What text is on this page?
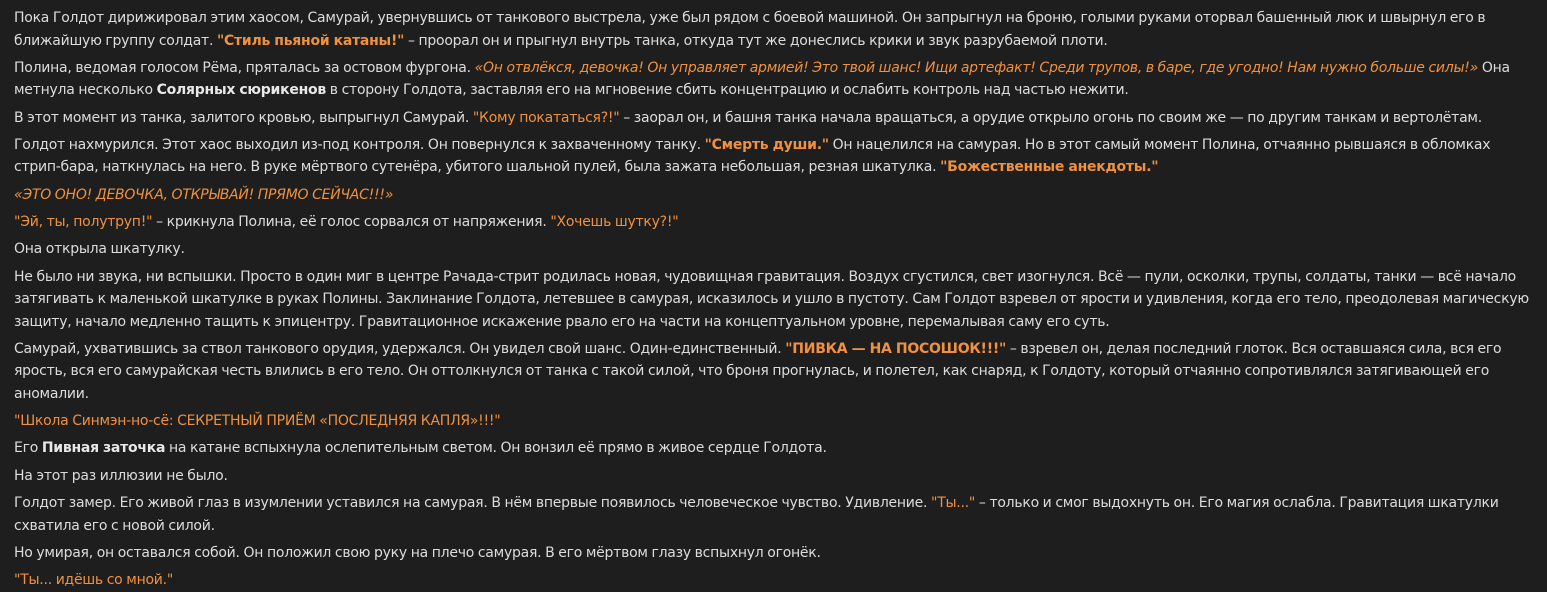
Пока Голдот дирижировал этим хаосом, Самурай, увернувшись от танкового выстрела, уже был рядом с боевой машиной. Он запрыгнул на броню, голыми руками оторвал башенный люк и швырнул его в ближайшую группу солдат. "Стиль пьяной катаны!" – проорал он и прыгнул внутрь танка, откуда тут же донеслись крики и звук разрубаемой плоти.

Полина, ведомая голосом Рёма, пряталась за остовом фургона. «Он отвлёкся, девочка! Он управляет армией! Это твой шанс! Ищи артефакт! Среди трупов, в баре, где угодно! Нам нужно больше силы!» Она метнула несколько Солярных сюрикенов в сторону Голдота, заставляя его на мгновение сбить концентрацию и ослабить контроль над частью нежити.

В этот момент из танка, залитого кровью, выпрыгнул Самурай. "Кому покататься?!" – заорал он, и башня танка начала вращаться, а орудие открыло огонь по своим же — по другим танкам и вертолётам.

Голдот нахмурился. Этот хаос выходил из-под контроля. Он повернулся к захваченному танку. "Смерть души." Он нацелился на самурая. Но в этот самый момент Полина, отчаянно рывшаяся в обломках стрип-бара, наткнулась на него. В руке мёртвого сутенёра, убитого шальной пулей, была зажата небольшая, резная шкатулка. "Божественные анекдоты."

«ЭТО ОНО! ДЕВОЧКА, ОТКРЫВАЙ! ПРЯМО СЕЙЧАС!!!»

"Эй, ты, полутруп!" – крикнула Полина, её голос сорвался от напряжения. "Хочешь шутку?!"

Она открыла шкатулку.

Не было ни звука, ни вспышки. Просто в один миг в центре Рачада-стрит родилась новая, чудовищная гравитация. Воздух сгустился, свет изогнулся. Всё — пули, осколки, трупы, солдаты, танки — всё начало затягивать к маленькой шкатулке в руках Полины. Заклинание Голдота, летевшее в самурая, исказилось и ушло в пустоту. Сам Голдот взревел от ярости и удивления, когда его тело, преодолевая магическую защиту, начало медленно тащить к эпицентру. Гравитационное искажение рвало его на части на концептуальном уровне, перемалывая саму его суть.

Самурай, ухватившись за ствол танкового орудия, удержался. Он увидел свой шанс. Один-единственный. "ПИВКА — НА ПОСОШОК!!!" – взревел он, делая последний глоток. Вся оставшаяся сила, вся его ярость, вся его самурайская честь влились в его тело. Он оттолкнулся от танка с такой силой, что броня прогнулась, и полетел, как снаряд, к Голдоту, который отчаянно сопротивлялся затягивающей его аномалии.

"Школа Синмэн-но-сё: СЕКРЕТНЫЙ ПРИЁМ «ПОСЛЕДНЯЯ КАПЛЯ»!!!"

Его Пивная заточка на катане вспыхнула ослепительным светом. Он вонзил её прямо в живое сердце Голдота.

На этот раз иллюзии не было.

Голдот замер. Его живой глаз в изумлении уставился на самурая. В нём впервые появилось человеческое чувство. Удивление. "Ты..." – только и смог выдохнуть он. Его магия ослабла. Гравитация шкатулки схватила его с новой силой.

Но умирая, он оставался собой. Он положил свою руку на плечо самурая. В его мёртвом глазу вспыхнул огонёк.

"Ты... идёшь со мной."
